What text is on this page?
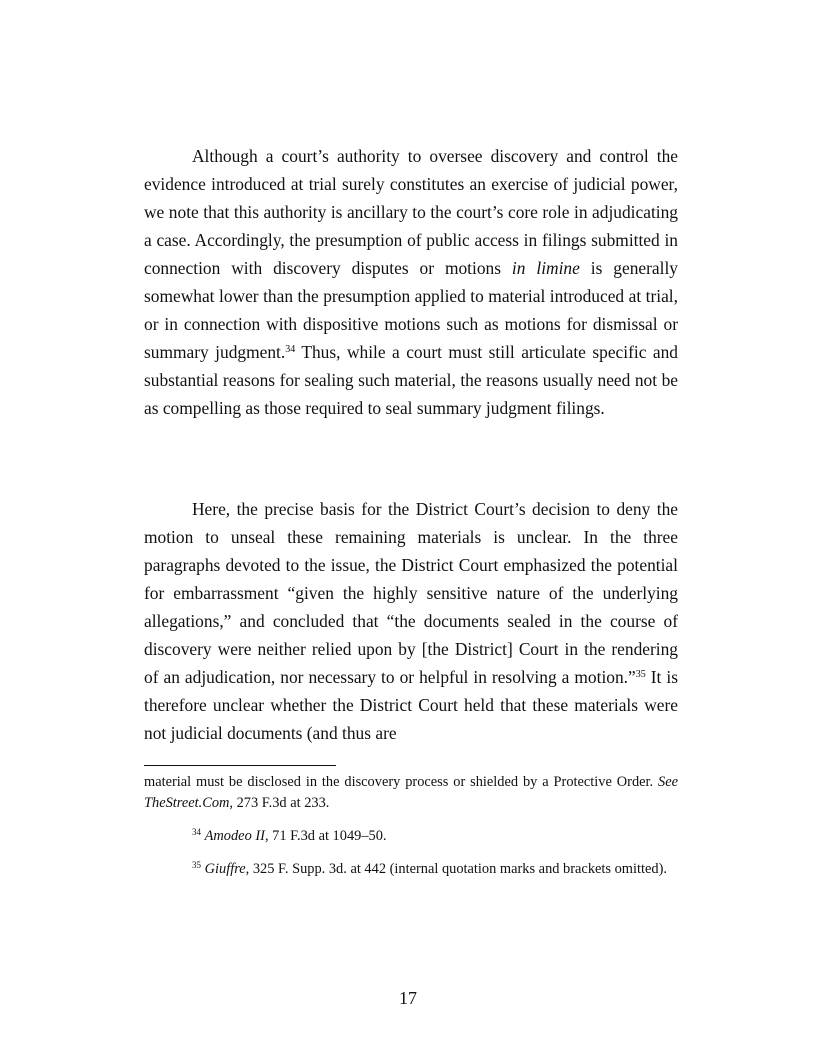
Although a court’s authority to oversee discovery and control the evidence introduced at trial surely constitutes an exercise of judicial power, we note that this authority is ancillary to the court’s core role in adjudicating a case. Accordingly, the presumption of public access in filings submitted in connection with discovery disputes or motions in limine is generally somewhat lower than the presumption applied to material introduced at trial, or in connection with dispositive motions such as motions for dismissal or summary judgment.$^{34}$ Thus, while a court must still articulate specific and substantial reasons for sealing such material, the reasons usually need not be as compelling as those required to seal summary judgment filings.

Here, the precise basis for the District Court’s decision to deny the motion to unseal these remaining materials is unclear. In the three paragraphs devoted to the issue, the District Court emphasized the potential for embarrassment “given the highly sensitive nature of the underlying allegations,” and concluded that “the documents sealed in the course of discovery were neither relied upon by [the District] Court in the rendering of an adjudication, nor necessary to or helpful in resolving a motion.”$^{35}$ It is therefore unclear whether the District Court held that these materials were not judicial documents (and thus are

material must be disclosed in the discovery process or shielded by a Protective Order. See TheStreet.Com, 273 F.3d at 233.

$^{34}$ Amodeo II, 71 F.3d at 1049–50.

$^{35}$ Giuffre, 325 F. Supp. 3d. at 442 (internal quotation marks and brackets omitted).

17
